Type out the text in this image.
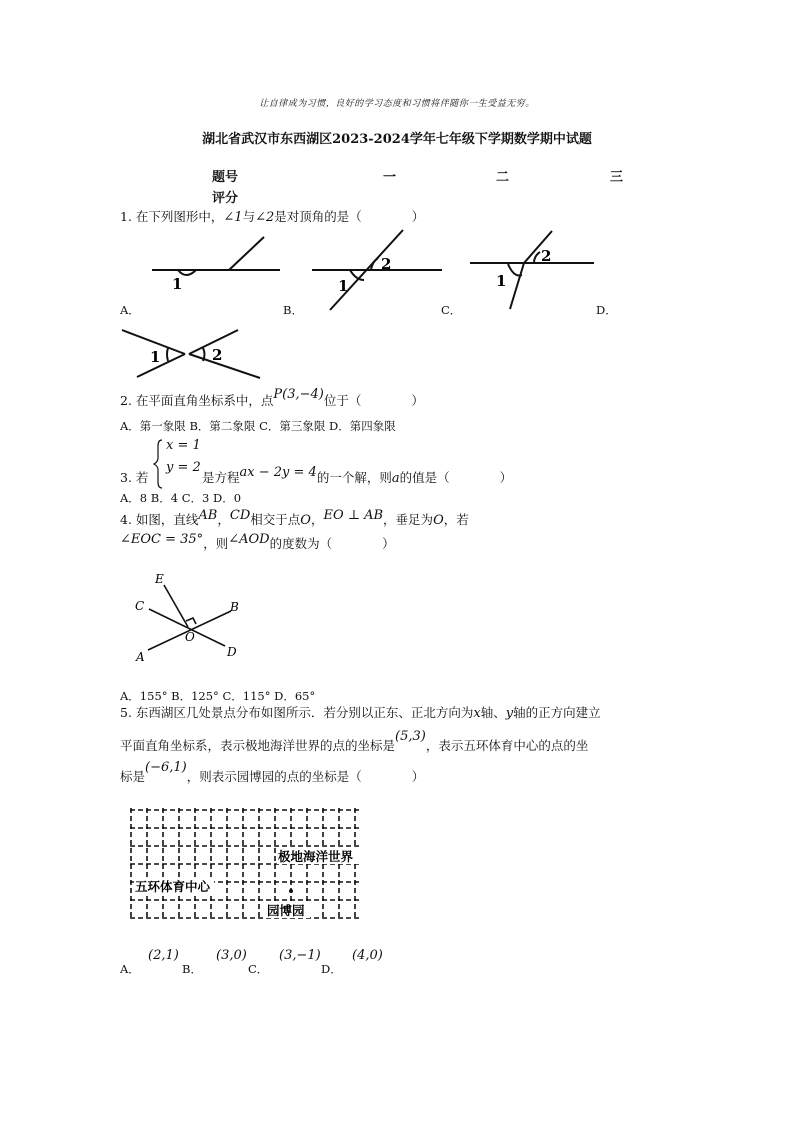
让自律成为习惯，良好的学习态度和习惯将伴随你一生受益无穷。
湖北省武汉市东西湖区2023-2024学年七年级下学期数学期中试题
题号	一	二	三
评分
1. 在下列图形中，∠1与∠2是对顶角的是（　　　　）
1	1
2
1
2
1	2
E
C	B
O
A	D
极地海洋世界
五环体育中心
园博园
A．	B．	C．	D．
2. 在平面直角坐标系中，点P(3,−4)位于（　　　　）
A．第一象限 B．第二象限 C．第三象限 D．第四象限
3. 若
x = 1
y = 2
是方程ax − 2y = 4的一个解，则a的值是（　　　　）
A．8 B．4 C．3 D．0
4. 如图，直线AB，CD相交于点O，EO ⊥ AB，垂足为O，若
∠EOC = 35°，则∠AOD的度数为（　　　　）
A．155° B．125° C．115° D．65°
5. 东西湖区几处景点分布如图所示．若分别以正东、正北方向为x轴、y轴的正方向建立
平面直角坐标系，表示极地海洋世界的点的坐标是(5,3)，表示五环体育中心的点的坐
标是(−6,1)，则表示园博园的点的坐标是（　　　　）
A．
(2,1)
B．
(3,0)
C．
(3,−1)
D．
(4,0)
